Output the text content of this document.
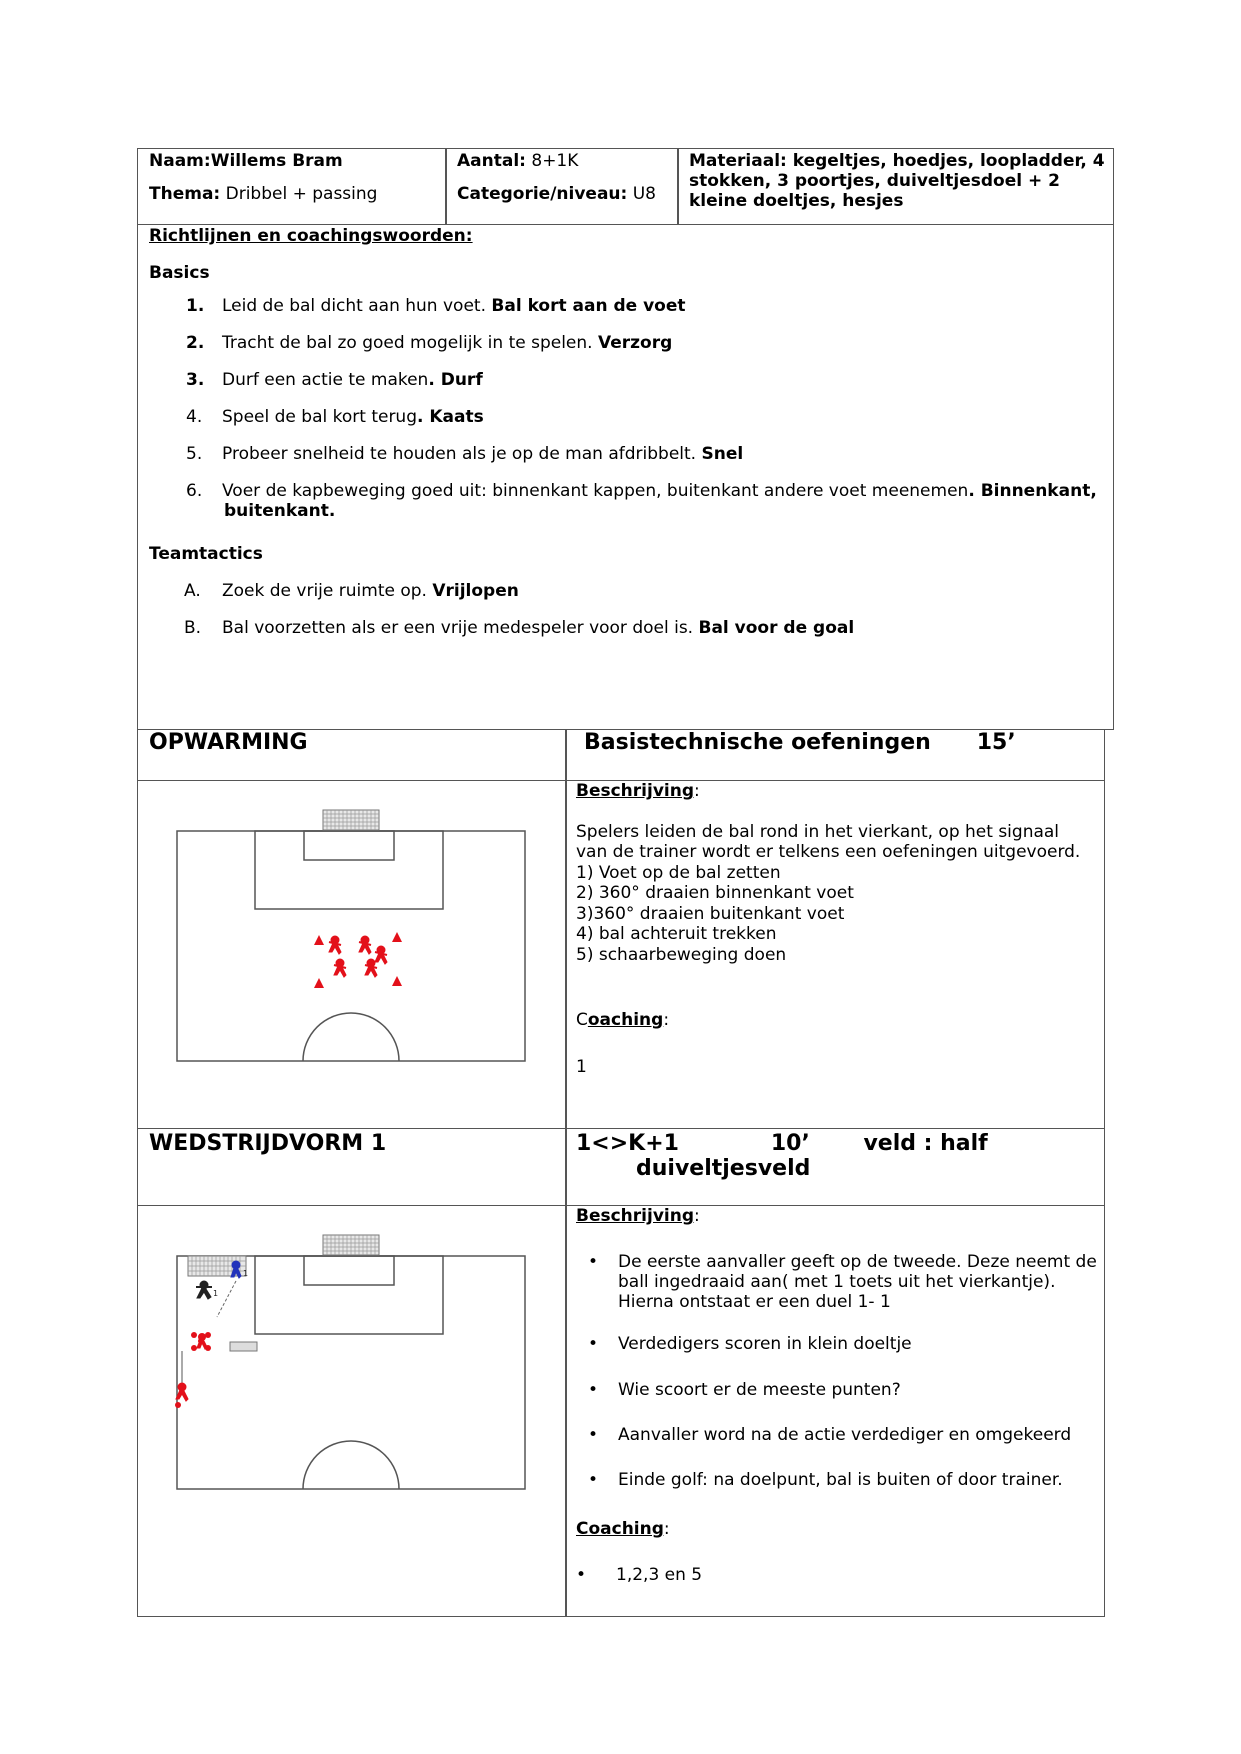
Naam:Willems Bram
Thema: Dribbel + passing
Aantal: 8+1K
Categorie/niveau: U8

Materiaal: kegeltjes, hoedjes, loopladder, 4

stokken, 3 poortjes, duiveltjesdoel + 2

kleine doeltjes, hesjes

Richtlijnen en coachingswoorden:
Basics
1. Leid de bal dicht aan hun voet. Bal kort aan de voet
2. Tracht de bal zo goed mogelijk in te spelen. Verzorg
3. Durf een actie te maken. Durf
4. Speel de bal kort terug. Kaats
5. Probeer snelheid te houden als je op de man afdribbelt. Snel
6. Voer de kapbeweging goed uit: binnenkant kappen, buitenkant andere voet meenemen. Binnenkant,
buitenkant.
Teamtactics
A. Zoek de vrije ruimte op. Vrijlopen
B. Bal voorzetten als er een vrije medespeler voor doel is. Bal voor de goal
OPWARMING	Basistechnische oefeningen      15’

Beschrijving:

Spelers leiden de bal rond in het vierkant, op het signaal

van de trainer wordt er telkens een oefeningen uitgevoerd.

1) Voet op de bal zetten

2) 360° draaien binnenkant voet

3)360° draaien buitenkant voet

4) bal achteruit trekken

5) schaarbeweging doen

Coaching:
1
WEDSTRIJDVORM 1	1<>K+1            10’       veld : half

duiveltjesveld

1
1

Beschrijving:

• De eerste aanvaller geeft op de tweede. Deze neemt de

ball ingedraaid aan( met 1 toets uit het vierkantje).

Hierna ontstaat er een duel 1- 1

• Verdedigers scoren in klein doeltje

• Wie scoort er de meeste punten?

• Aanvaller word na de actie verdediger en omgekeerd

• Einde golf: na doelpunt, bal is buiten of door trainer.

Coaching:
• 1,2,3 en 5
